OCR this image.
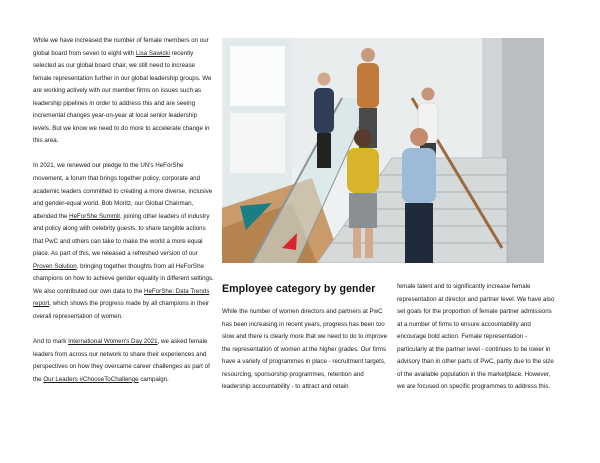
While we have increased the number of female members on our global board from seven to eight with Lisa Sawicki recently selected as our global board chair, we still need to increase female representation further in our global leadership groups. We are working actively with our member firms on issues such as leadership pipelines in order to address this and are seeing incremental changes year-on-year at local senior leadership levels. But we know we need to do more to accelerate change in this area.

In 2021, we renewed our pledge to the UN's HeForShe movement, a forum that brings together policy, corporate and academic leaders committed to creating a more diverse, inclusive and gender-equal world. Bob Moritz, our Global Chairman, attended the HeForShe Summit, joining other leaders of industry and policy along with celebrity guests, to share tangible actions that PwC and others can take to make the world a more equal place. As part of this, we released a refreshed version of our Proven Solution, bringing together thoughts from all HeForShe champions on how to achieve gender equality in different settings. We also contributed our own data to the HeForShe: Data Trends report, which shows the progress made by all champions in their overall representation of women.

And to mark International Women's Day 2021, we asked female leaders from across our network to share their experiences and perspectives on how they overcame career challenges as part of the Our Leaders #ChooseToChallenge campaign.

Employee category by gender

While the number of women directors and partners at PwC has been increasing in recent years, progress has been too slow and there is clearly more that we need to do to improve the representation of women at the higher grades. Our firms have a variety of programmes in place - recruitment targets, resourcing, sponsorship programmes, retention and leadership accountability - to attract and retain

female talent and to significantly increase female representation at director and partner level. We have also set goals for the proportion of female partner admissions at a number of firms to ensure accountability and encourage bold action. Female representation - particularly at the partner level - continues to be lower in advisory than in other parts of PwC, partly due to the size of the available population in the marketplace. However, we are focused on specific programmes to address this.
